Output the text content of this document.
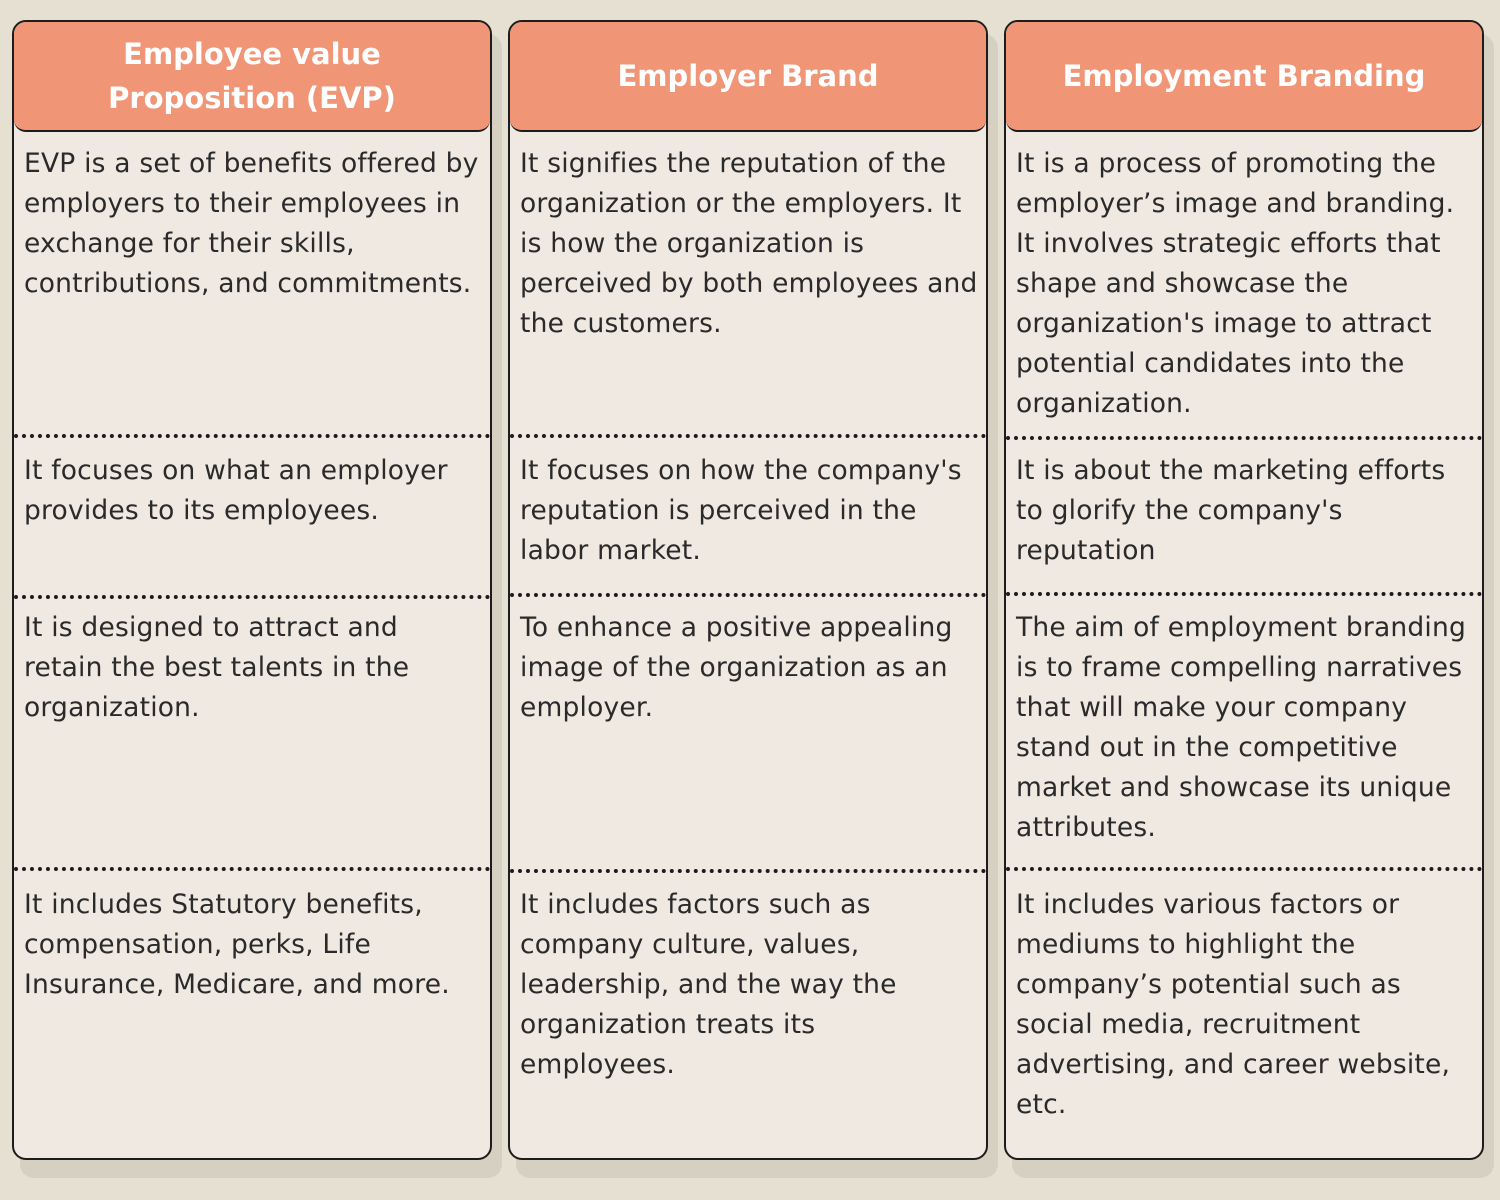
Employee value Proposition (EVP)
EVP is a set of benefits offered by employers to their employees in exchange for their skills, contributions, and commitments.
It focuses on what an employer provides to its employees.
It is designed to attract and retain the best talents in the organization.
It includes Statutory benefits, compensation, perks, Life Insurance, Medicare, and more.
Employer Brand
It signifies the reputation of the organization or the employers. It is how the organization is perceived by both employees and the customers.
It focuses on how the company's reputation is perceived in the labor market.
To enhance a positive appealing image of the organization as an employer.
It includes factors such as company culture, values, leadership, and the way the organization treats its employees.
Employment Branding
It is a process of promoting the employer’s image and branding. It involves strategic efforts that shape and showcase the organization's image to attract potential candidates into the organization.
It is about the marketing efforts to glorify the company's reputation
The aim of employment branding is to frame compelling narratives that will make your company stand out in the competitive market and showcase its unique attributes.
It includes various factors or mediums to highlight the company’s potential such as social media, recruitment advertising, and career website, etc.
